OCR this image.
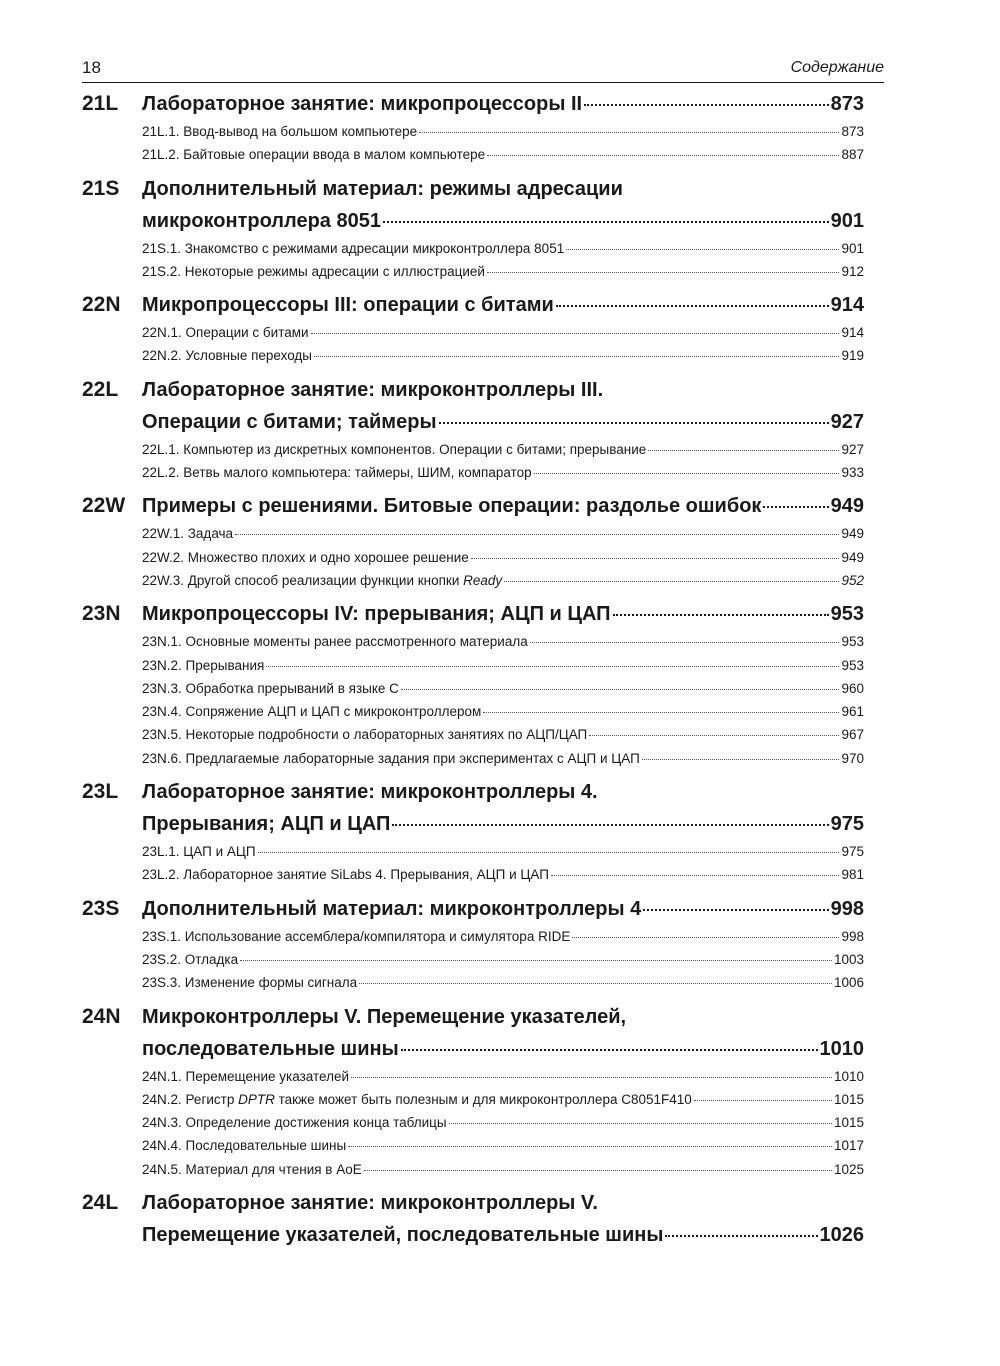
18	Содержание
21L	Лабораторное занятие: микропроцессоры II	873
21L.1. Ввод-вывод на большом компьютере	873
21L.2. Байтовые операции ввода в малом компьютере	887
21S	Дополнительный материал: режимы адресации
микроконтроллера 8051	901
21S.1. Знакомство с режимами адресации микроконтроллера 8051	901
21S.2. Некоторые режимы адресации с иллюстрацией	912
22N	Микропроцессоры III: операции с битами	914
22N.1. Операции с битами	914
22N.2. Условные переходы	919
22L	Лабораторное занятие: микроконтроллеры III.
Операции с битами; таймеры	927
22L.1. Компьютер из дискретных компонентов. Операции с битами; прерывание	927
22L.2. Ветвь малого компьютера: таймеры, ШИМ, компаратор	933
22W Примеры с решениями. Битовые операции: раздолье ошибок	949
22W.1. Задача	949
22W.2. Множество плохих и одно хорошее решение	949
22W.3. Другой способ реализации функции кнопки Ready	952
23N	Микропроцессоры IV: прерывания; АЦП и ЦАП	953
23N.1. Основные моменты ранее рассмотренного материала	953
23N.2. Прерывания	953
23N.3. Обработка прерываний в языке C	960
23N.4. Сопряжение АЦП и ЦАП с микроконтроллером	961
23N.5. Некоторые подробности о лабораторных занятиях по АЦП/ЦАП	967
23N.6. Предлагаемые лабораторные задания при экспериментах с АЦП и ЦАП	970
23L	Лабораторное занятие: микроконтроллеры 4.
Прерывания; АЦП и ЦАП	975
23L.1. ЦАП и АЦП	975
23L.2. Лабораторное занятие SiLabs 4. Прерывания, АЦП и ЦАП	981
23S	Дополнительный материал: микроконтроллеры 4	998
23S.1. Использование ассемблера/компилятора и симулятора RIDE	998
23S.2. Отладка	1003
23S.3. Изменение формы сигнала	1006
24N	Микроконтроллеры V. Перемещение указателей,
последовательные шины	1010
24N.1. Перемещение указателей	1010
24N.2. Регистр DPTR также может быть полезным и для микроконтроллера C8051F410	1015
24N.3. Определение достижения конца таблицы	1015
24N.4. Последовательные шины	1017
24N.5. Материал для чтения в AoE	1025
24L	Лабораторное занятие: микроконтроллеры V.
Перемещение указателей, последовательные шины	1026
